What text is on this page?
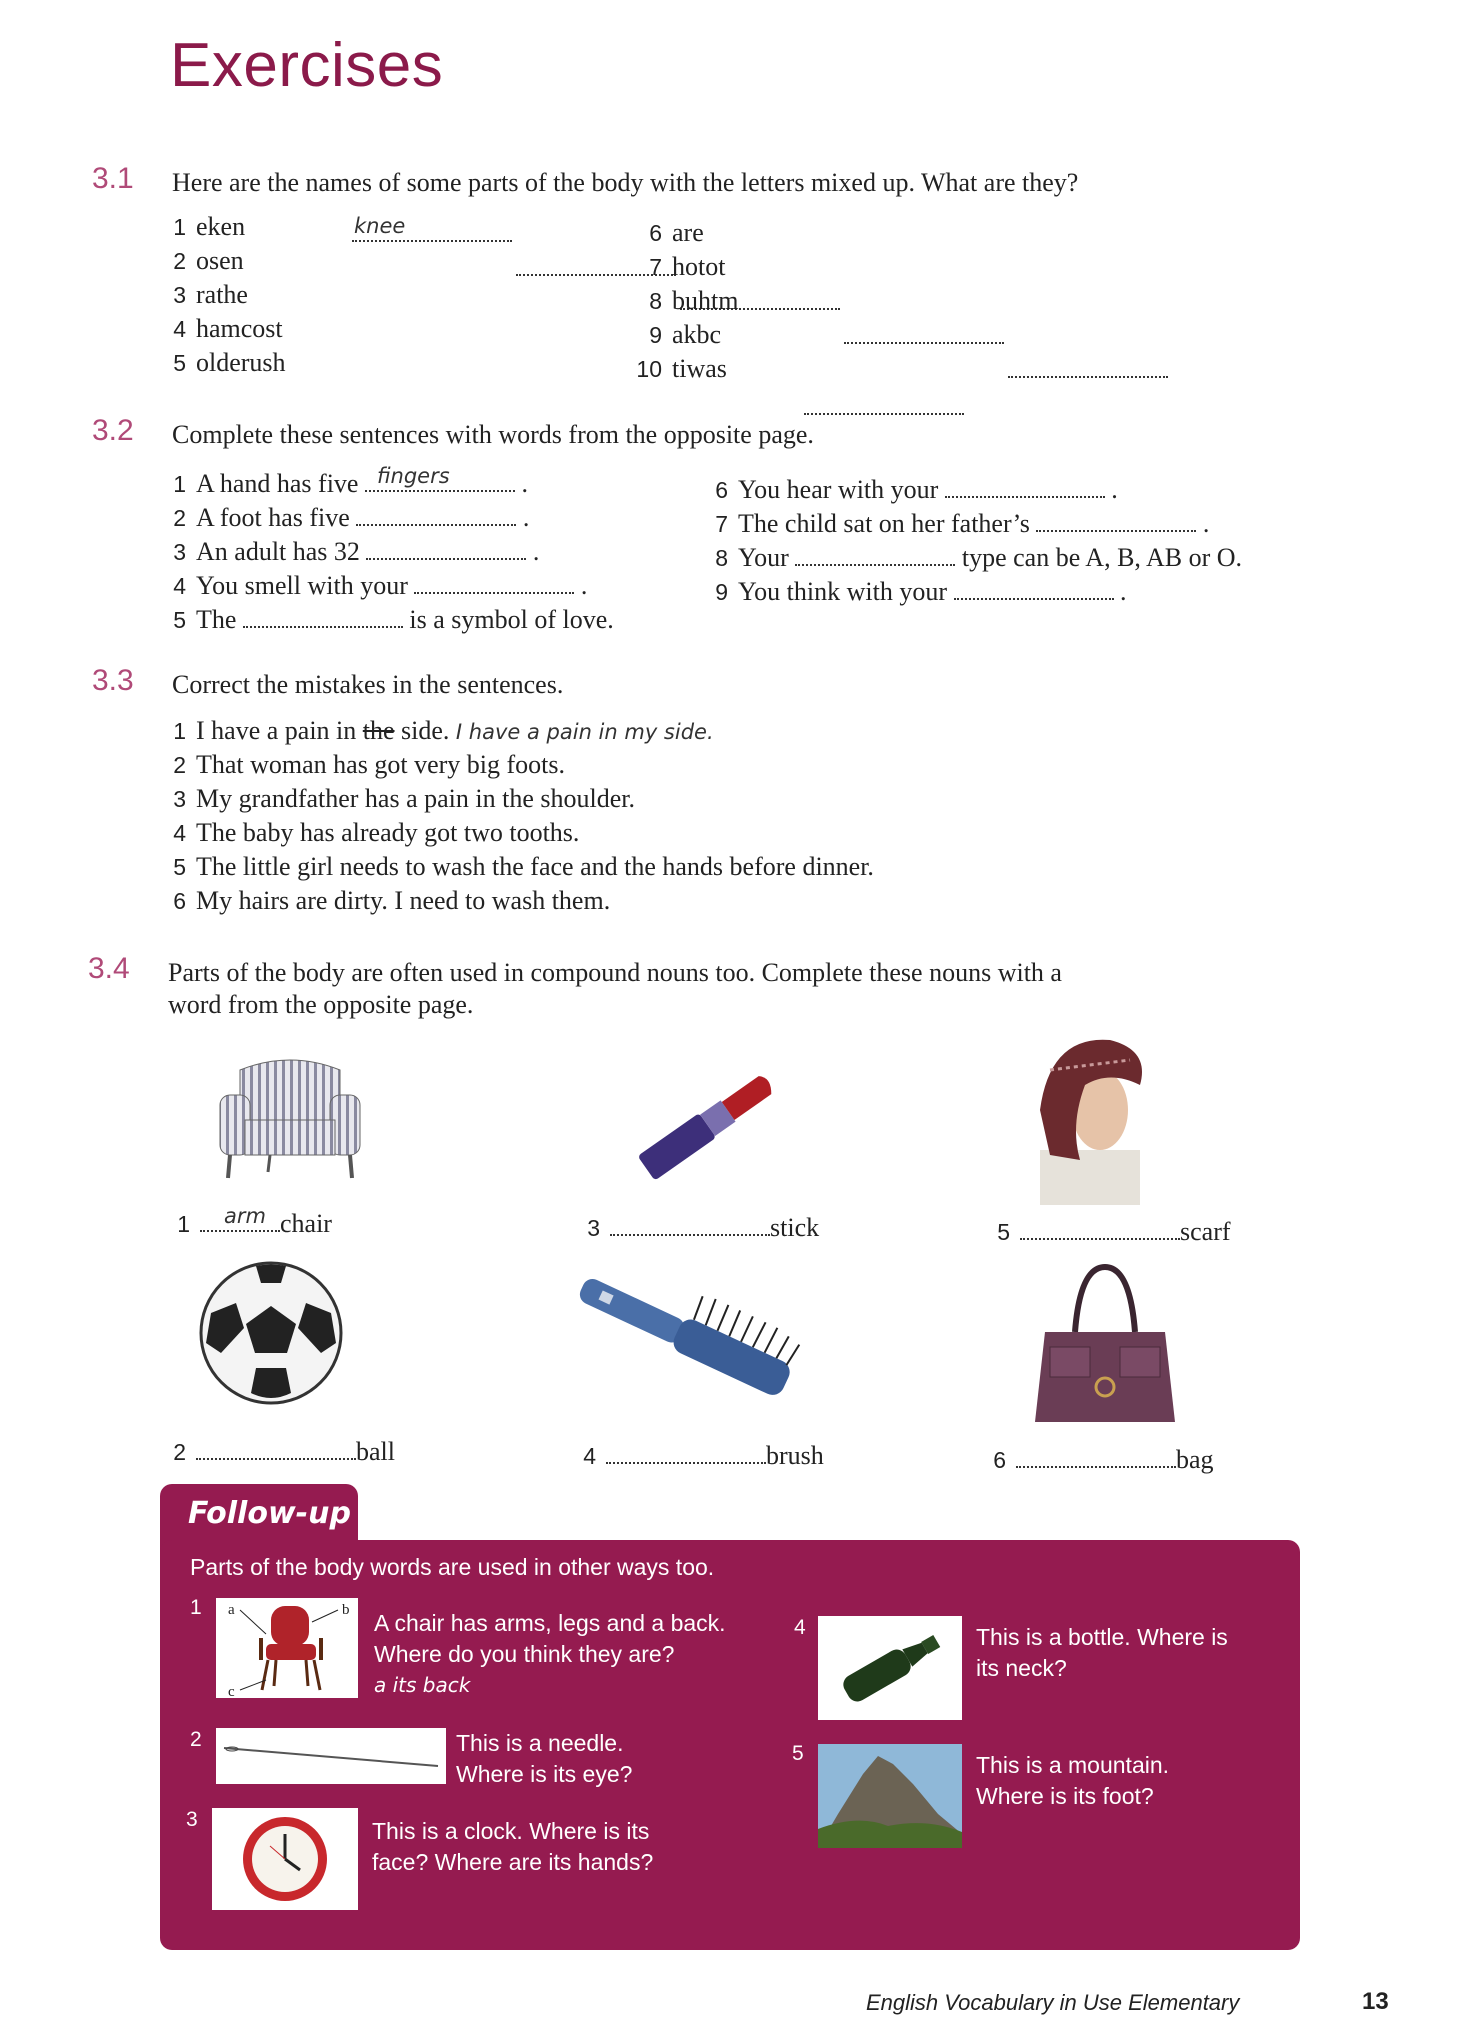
Exercises
3.1 Here are the names of some parts of the body with the letters mixed up. What are they?
1 eken	knee

2 osen

3 rathe

4 hamcost

5 olderush

6 are

7 hotot

8 buhtm

9 akbc

10 tiwas
3.2 Complete these sentences with words from the opposite page.
1 A hand has five fingers	.
2 A foot has five	.
3 An adult has 32	.
4 You smell with your	.
5 The	is a symbol of love.
6 You hear with your	.
7 The child sat on her father’s	.
8 Your	type can be A, B, AB or O.
9 You think with your	.
3.3 Correct the mistakes in the sentences.
1 I have a pain in the side. I have a pain in my side.
2 That woman has got very big foots.
3 My grandfather has a pain in the shoulder.
4 The baby has already got two tooths.
5 The little girl needs to wash the face and the hands before dinner.
6 My hairs are dirty. I need to wash them.
3.4 Parts of the body are often used in compound nouns too. Complete these nouns with a
word from the opposite page.
1 arm chair	3	stick	5	scarf
2	ball	4	brush	6	bag
Follow-up
Parts of the body words are used in other ways too.
1 a	b
c
A chair has arms, legs and a back.
Where do you think they are?
a its back
2	This is a needle.
Where is its eye?
3	This is a clock. Where is its
face? Where are its hands?
4	This is a bottle. Where is
its neck?
5	This is a mountain.
Where is its foot?
English Vocabulary in Use Elementary	13
